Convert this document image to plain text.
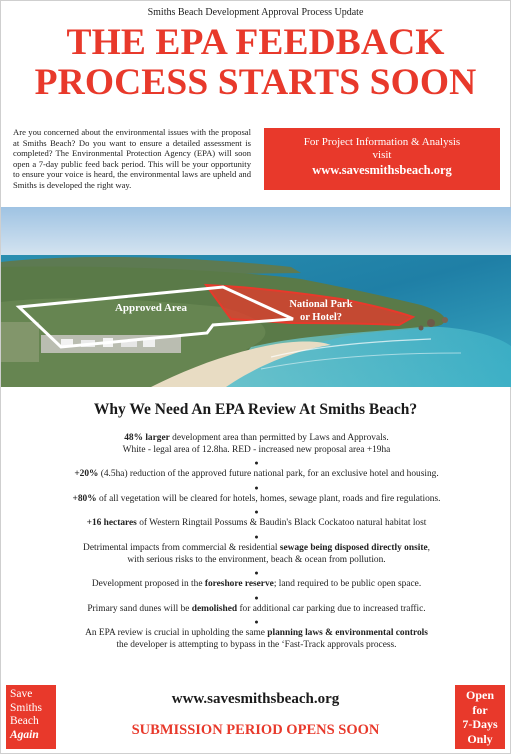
Smiths Beach Development Approval Process Update
THE EPA FEEDBACK
PROCESS STARTS SOON

Are you concerned about the environmental issues with the proposal at Smiths Beach? Do you want to ensure a detailed assessment is completed? The Environmental Protection Agency (EPA) will soon open a 7-day public feed back period. This will be your opportunity to ensure your voice is heard, the environmental laws are upheld and Smiths is developed the right way.

For Project Information & Analysis
visit
www.savesmithsbeach.org
Approved Area	National Park
or Hotel?
Why We Need An EPA Review At Smiths Beach?
48% larger development area than permitted by Laws and Approvals.
White - legal area of 12.8ha. RED - increased new proposal area +19ha
●
+20% (4.5ha) reduction of the approved future national park, for an exclusive hotel and housing.
●
+80% of all vegetation will be cleared for hotels, homes, sewage plant, roads and fire regulations.
●
+16 hectares of Western Ringtail Possums & Baudin's Black Cockatoo natural habitat lost
●
Detrimental impacts from commercial & residential sewage being disposed directly onsite,
with serious risks to the environment, beach & ocean from pollution.
●
Development proposed in the foreshore reserve; land required to be public open space.
●
Primary sand dunes will be demolished for additional car parking due to increased traffic.
●
An EPA review is crucial in upholding the same planning laws & environmental controls
the developer is attempting to bypass in the ‘Fast-Track approvals process.
www.savesmithsbeach.org
SUBMISSION PERIOD OPENS SOON
Save
Smiths
Beach
Again
Open
for
7-Days
Only
